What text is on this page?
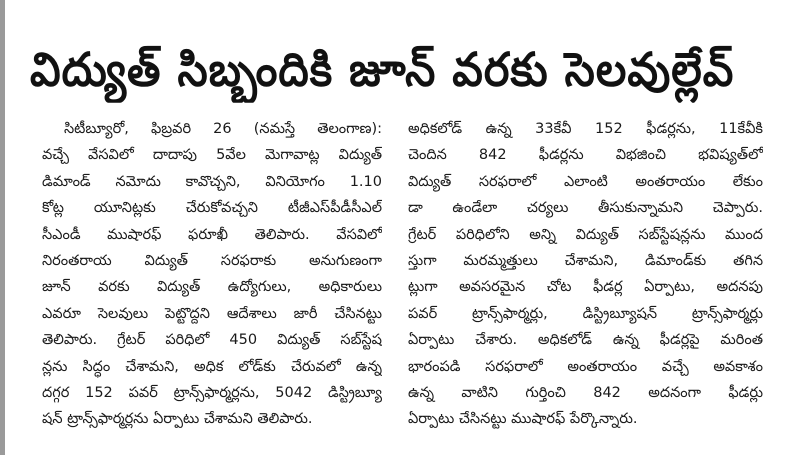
విద్యుత్‌ సిబ్బందికి జూన్‌ వరకు సెలవుల్లేవ్‌
సిటీబ్యూరో, ఫిబ్రవరి 26 (నమస్తే తెలంగాణ):
వచ్చే వేసవిలో దాదాపు 5వేల మెగావాట్ల విద్యుత్‌
డిమాండ్‌ నమోదు కావొచ్చని, వినియోగం 1.10
కోట్ల యూనిట్లకు చేరుకోవచ్చని టీజీఎస్‌పీడీసీఎల్‌
సీఎండీ ముషారఫ్‌ ఫరూఖీ తెలిపారు. వేసవిలో
నిరంతరాయ విద్యుత్‌ సరఫరాకు అనుగుణంగా
జూన్‌ వరకు విద్యుత్‌ ఉద్యోగులు, అధికారులు
ఎవరూ సెలవులు పెట్టొద్దని ఆదేశాలు జారీ చేసినట్టు
తెలిపారు. గ్రేటర్‌ పరిధిలో 450 విద్యుత్‌ సబ్‌స్టేష
న్లను సిద్ధం చేశామని, అధిక లోడ్‌కు చేరువలో ఉన్న
దగ్గర 152 పవర్‌ ట్రాన్స్‌ఫార్మర్లను, 5042 డిస్ట్రిబ్యూ
షన్‌ ట్రాన్స్‌ఫార్మర్లను ఏర్పాటు చేశామని తెలిపారు.
అధికలోడ్‌ ఉన్న 33కేవీ 152 ఫీడర్లను, 11కేవీకి
చెందిన 842 ఫీడర్లను విభజించి భవిష్యత్‌లో
విద్యుత్‌ సరఫరాలో ఎలాంటి అంతరాయం లేకుం
డా ఉండేలా చర్యలు తీసుకున్నామని చెప్పారు.
గ్రేటర్‌ పరిధిలోని అన్ని విద్యుత్‌ సబ్‌స్టేషన్లను ముంద
స్తుగా మరమ్మత్తులు చేశామని, డిమాండ్‌కు తగిన
ట్లుగా అవసరమైన చోట ఫీడర్ల ఏర్పాటు, అదనపు
పవర్‌ ట్రాన్స్‌ఫార్మర్లు, డిస్ట్రిబ్యూషన్‌ ట్రాన్స్‌ఫార్మర్లు
ఏర్పాటు చేశారు. అధికలోడ్‌ ఉన్న ఫీడర్లపై మరింత
భారంపడి సరఫరాలో అంతరాయం వచ్చే అవకాశం
ఉన్న వాటిని గుర్తించి 842 అదనంగా ఫీడర్లు
ఏర్పాటు చేసినట్టు ముషారఫ్‌ పేర్కొన్నారు.
